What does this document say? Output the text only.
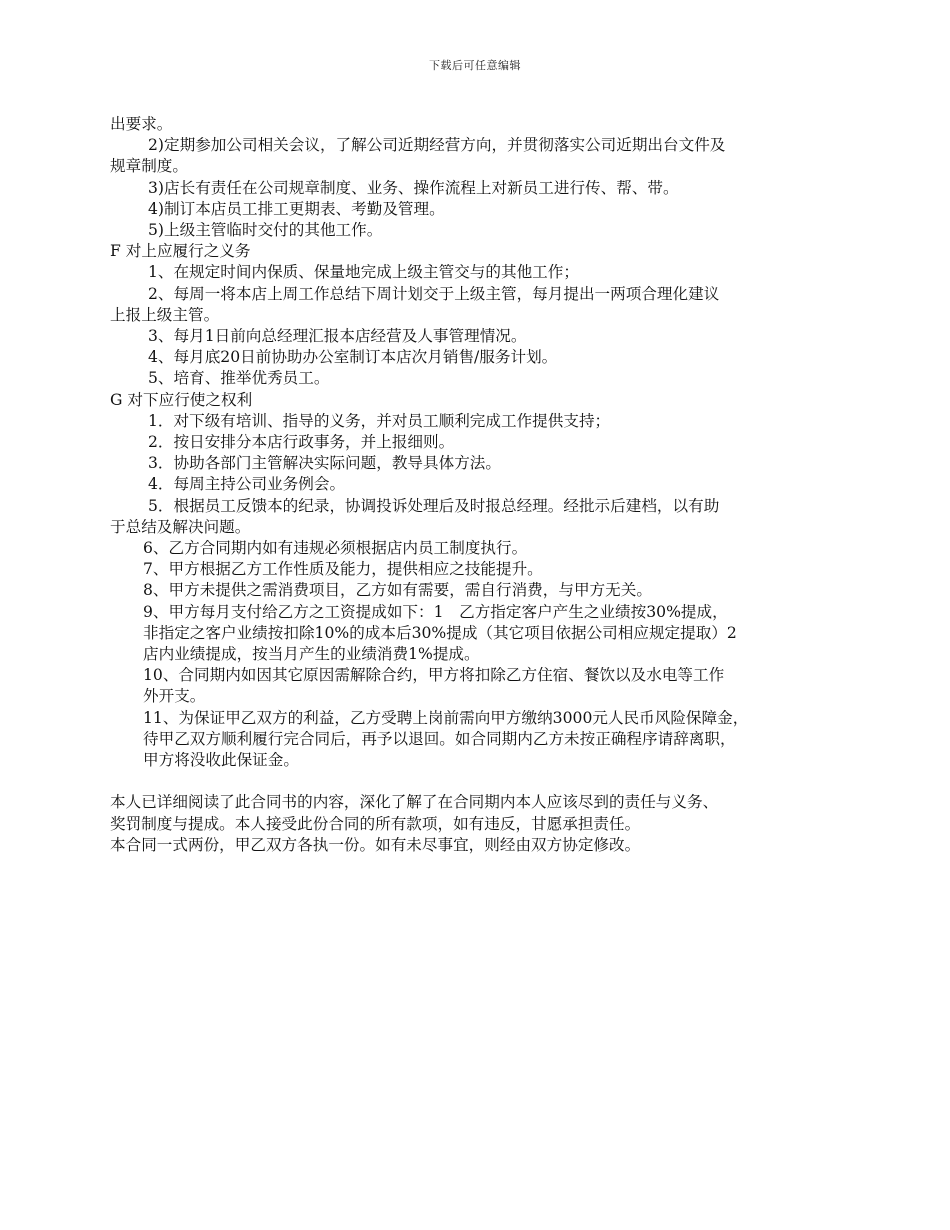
下载后可任意编辑
出要求。
2)定期参加公司相关会议，了解公司近期经营方向，并贯彻落实公司近期出台文件及
规章制度。
3)店长有责任在公司规章制度、业务、操作流程上对新员工进行传、帮、带。
4)制订本店员工排工更期表、考勤及管理。
5)上级主管临时交付的其他工作。
F 对上应履行之义务
1、在规定时间内保质、保量地完成上级主管交与的其他工作；
2、每周一将本店上周工作总结下周计划交于上级主管，每月提出一两项合理化建议
上报上级主管。
3、每月1日前向总经理汇报本店经营及人事管理情况。
4、每月底20日前协助办公室制订本店次月销售/服务计划。
5、培育、推举优秀员工。
G 对下应行使之权利
1．对下级有培训、指导的义务，并对员工顺利完成工作提供支持；
2．按日安排分本店行政事务，并上报细则。
3．协助各部门主管解决实际问题，教导具体方法。
4．每周主持公司业务例会。
5．根据员工反馈本的纪录，协调投诉处理后及时报总经理。经批示后建档，以有助
于总结及解决问题。
6、乙方合同期内如有违规必须根据店内员工制度执行。
7、甲方根据乙方工作性质及能力，提供相应之技能提升。
8、甲方未提供之需消费项目，乙方如有需要，需自行消费，与甲方无关。
9、甲方每月支付给乙方之工资提成如下：1　乙方指定客户产生之业绩按30%提成，
非指定之客户业绩按扣除10%的成本后30%提成（其它项目依据公司相应规定提取）2
店内业绩提成，按当月产生的业绩消费1%提成。
10、合同期内如因其它原因需解除合约，甲方将扣除乙方住宿、餐饮以及水电等工作
外开支。
11、为保证甲乙双方的利益，乙方受聘上岗前需向甲方缴纳3000元人民币风险保障金，
待甲乙双方顺利履行完合同后，再予以退回。如合同期内乙方未按正确程序请辞离职，
甲方将没收此保证金。
本人已详细阅读了此合同书的内容，深化了解了在合同期内本人应该尽到的责任与义务、
奖罚制度与提成。本人接受此份合同的所有款项，如有违反，甘愿承担责任。
本合同一式两份，甲乙双方各执一份。如有未尽事宜，则经由双方协定修改。
